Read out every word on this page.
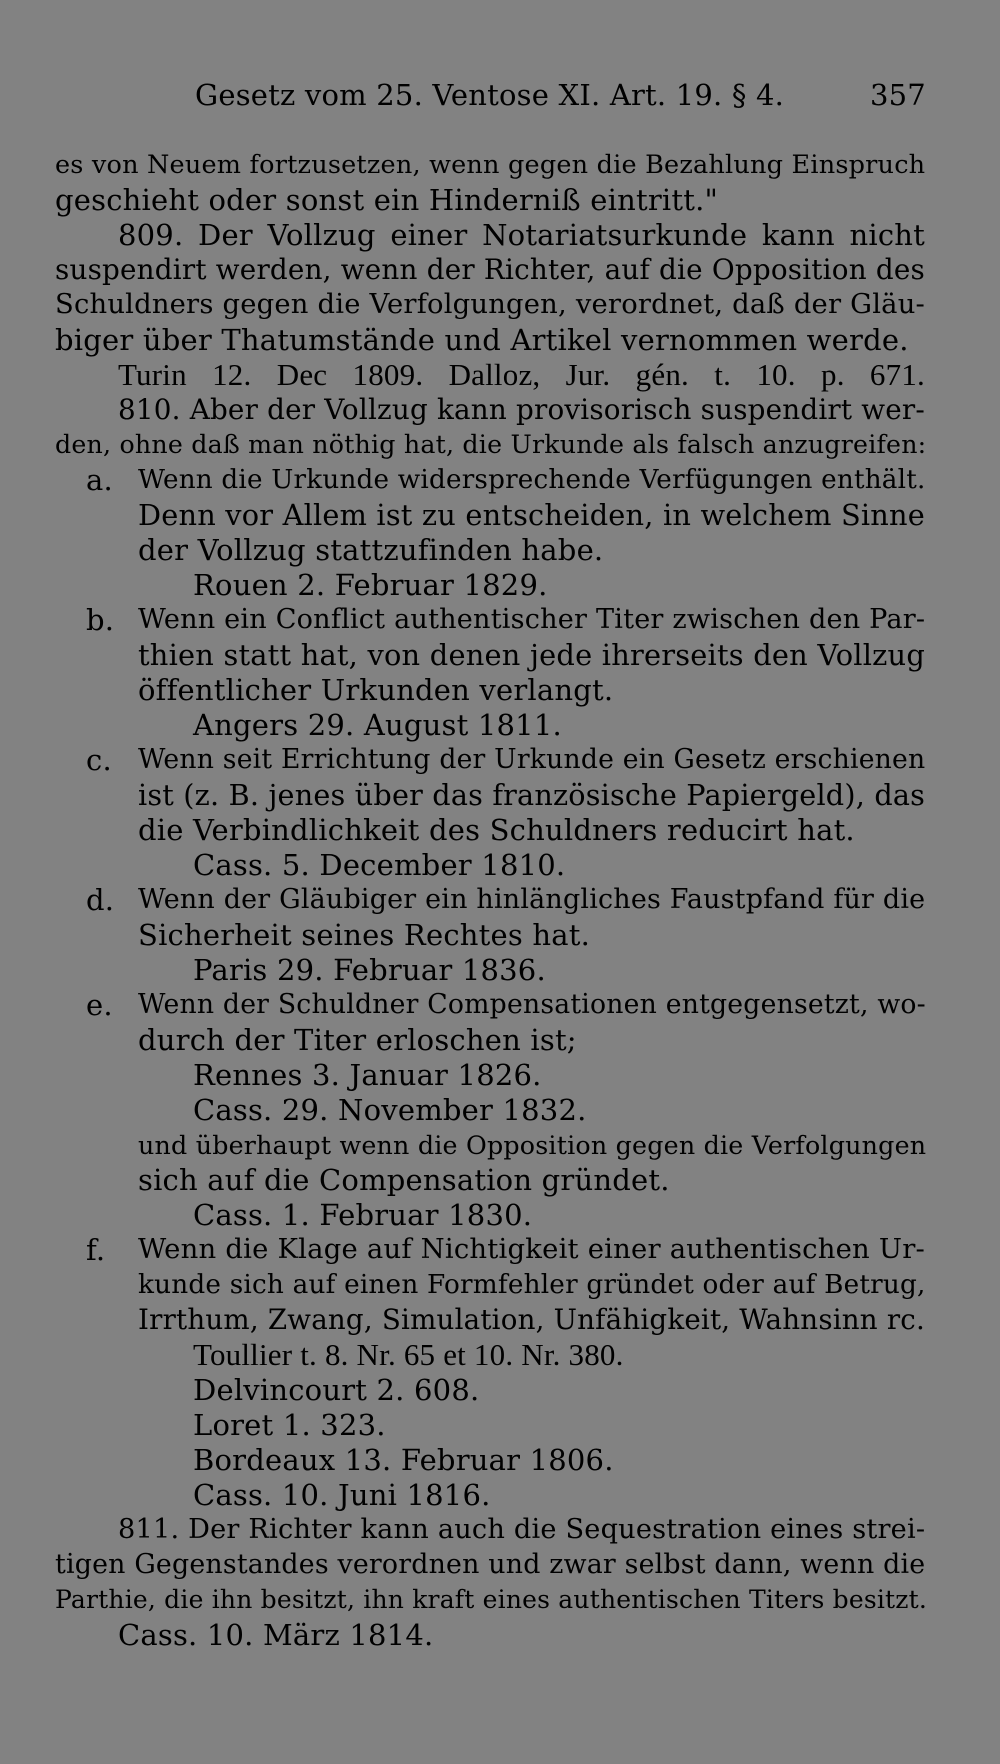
Gesetz vom 25. Ventose XI. Art. 19. § 4.	357
es von Neuem fortzusetzen, wenn gegen die Bezahlung Einspruch
geschieht oder sonst ein Hinderniß eintritt."
809. Der Vollzug einer Notariatsurkunde kann nicht
suspendirt werden, wenn der Richter, auf die Opposition des
Schuldners gegen die Verfolgungen, verordnet, daß der Gläu-
biger über Thatumstände und Artikel vernommen werde.
Turin 12. Dec 1809. Dalloz, Jur. gén. t. 10. p. 671.
810. Aber der Vollzug kann provisorisch suspendirt wer-
den, ohne daß man nöthig hat, die Urkunde als falsch anzugreifen:
a. Wenn die Urkunde widersprechende Verfügungen enthält.
Denn vor Allem ist zu entscheiden, in welchem Sinne
der Vollzug stattzufinden habe.
Rouen 2. Februar 1829.
b. Wenn ein Conflict authentischer Titer zwischen den Par-
thien statt hat, von denen jede ihrerseits den Vollzug
öffentlicher Urkunden verlangt.
Angers 29. August 1811.
c. Wenn seit Errichtung der Urkunde ein Gesetz erschienen
ist (z. B. jenes über das französische Papiergeld), das
die Verbindlichkeit des Schuldners reducirt hat.
Cass. 5. December 1810.
d. Wenn der Gläubiger ein hinlängliches Faustpfand für die
Sicherheit seines Rechtes hat.
Paris 29. Februar 1836.
e. Wenn der Schuldner Compensationen entgegensetzt, wo-
durch der Titer erloschen ist;
Rennes 3. Januar 1826.
Cass. 29. November 1832.
und überhaupt wenn die Opposition gegen die Verfolgungen
sich auf die Compensation gründet.
Cass. 1. Februar 1830.
f. Wenn die Klage auf Nichtigkeit einer authentischen Ur-
kunde sich auf einen Formfehler gründet oder auf Betrug,
Irrthum, Zwang, Simulation, Unfähigkeit, Wahnsinn rc.
Toullier t. 8. Nr. 65 et 10. Nr. 380.
Delvincourt 2. 608.
Loret 1. 323.
Bordeaux 13. Februar 1806.
Cass. 10. Juni 1816.
811. Der Richter kann auch die Sequestration eines strei-
tigen Gegenstandes verordnen und zwar selbst dann, wenn die
Parthie, die ihn besitzt, ihn kraft eines authentischen Titers besitzt.
Cass. 10. März 1814.
